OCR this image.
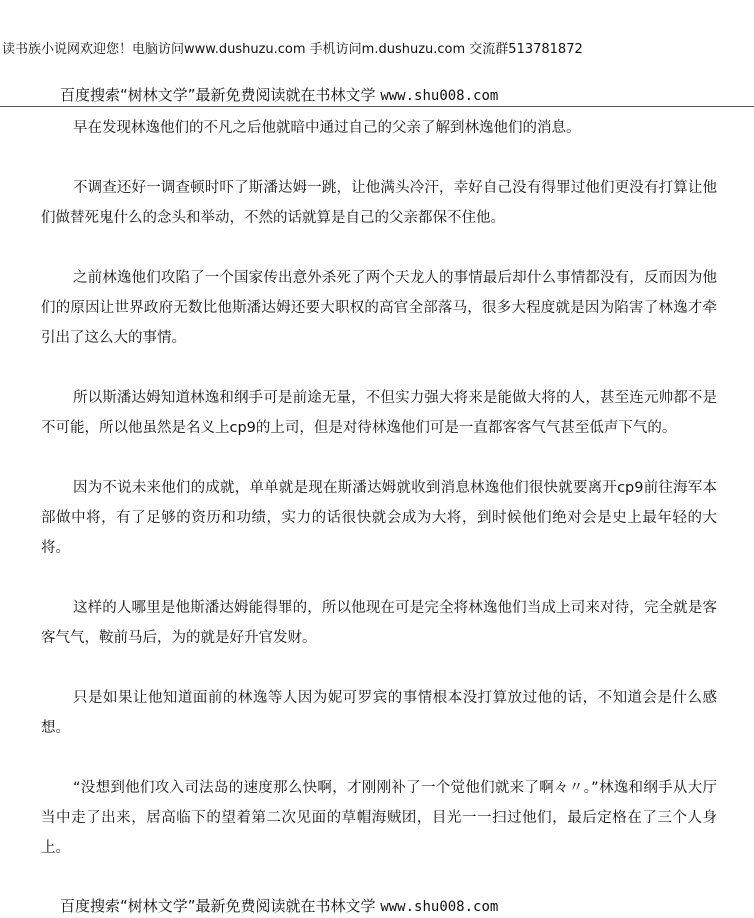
读书族小说网欢迎您！电脑访问www.dushuzu.com 手机访问m.dushuzu.com 交流群513781872
百度搜索“树林文学”最新免费阅读就在书林文学 www.shu008.com

早在发现林逸他们的不凡之后他就暗中通过自己的父亲了解到林逸他们的消息。

不调查还好一调查顿时吓了斯潘达姆一跳，让他满头冷汗，幸好自己没有得罪过他们更没有打算让他们做替死鬼什么的念头和举动，不然的话就算是自己的父亲都保不住他。

之前林逸他们攻陷了一个国家传出意外杀死了两个天龙人的事情最后却什么事情都没有，反而因为他们的原因让世界政府无数比他斯潘达姆还要大职权的高官全部落马，很多大程度就是因为陷害了林逸才牵引出了这么大的事情。

所以斯潘达姆知道林逸和纲手可是前途无量，不但实力强大将来是能做大将的人，甚至连元帅都不是不可能，所以他虽然是名义上cp9的上司，但是对待林逸他们可是一直都客客气气甚至低声下气的。

因为不说未来他们的成就，单单就是现在斯潘达姆就收到消息林逸他们很快就要离开cp9前往海军本部做中将，有了足够的资历和功绩，实力的话很快就会成为大将，到时候他们绝对会是史上最年轻的大将。

这样的人哪里是他斯潘达姆能得罪的，所以他现在可是完全将林逸他们当成上司来对待，完全就是客客气气，鞍前马后，为的就是好升官发财。

只是如果让他知道面前的林逸等人因为妮可罗宾的事情根本没打算放过他的话，不知道会是什么感想。

“没想到他们攻入司法岛的速度那么快啊，才刚刚补了一个觉他们就来了啊々〃。”林逸和纲手从大厅当中走了出来，居高临下的望着第二次见面的草帽海贼团，目光一一扫过他们，最后定格在了三个人身上。

百度搜索“树林文学”最新免费阅读就在书林文学 www.shu008.com
